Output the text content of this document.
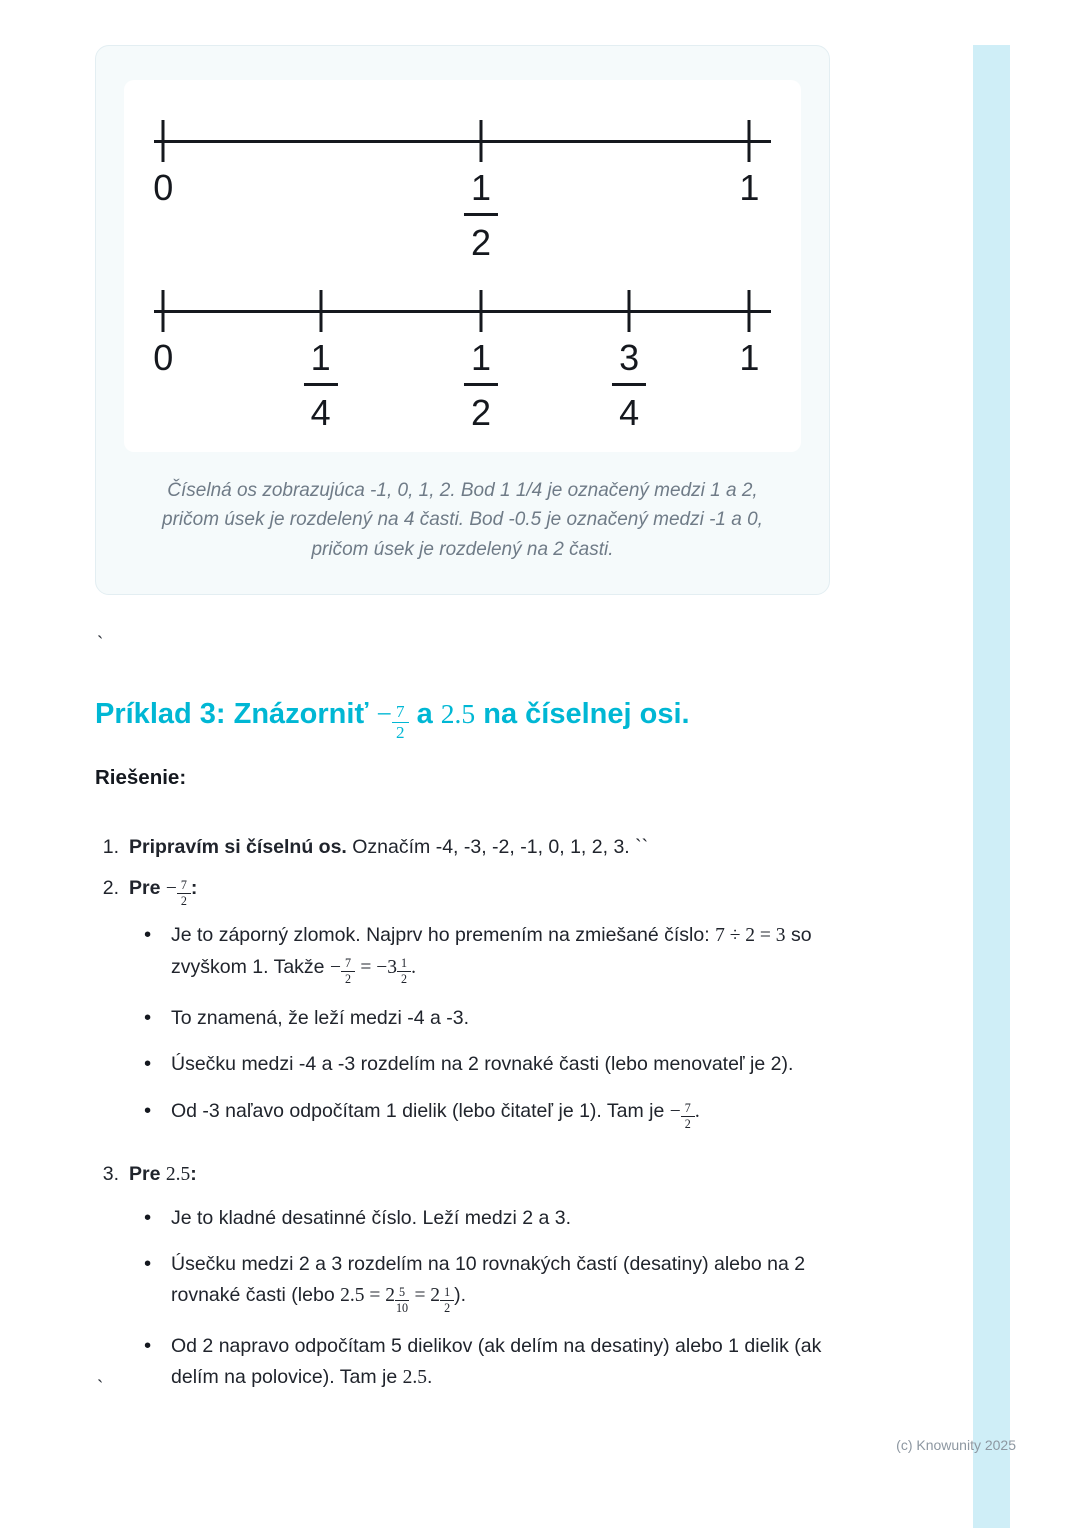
0	$\frac{1}{2}$	1
0	$\frac{1}{4}$	$\frac{1}{2}$	$\frac{3}{4}$	1

Číselná os zobrazujúca -1, 0, 1, 2. Bod 1 1/4 je označený medzi 1 a 2, pričom úsek je rozdelený na 4 časti. Bod -0.5 je označený medzi -1 a 0, pričom úsek je rozdelený na 2 časti.

`
Príklad 3: Znázorniť − $\frac{7}{2}$ a 2.5 na číselnej osi.

Riešenie:

1. Pripravím si číselnú os. Označím -4, -3, -2, -1, 0, 1, 2, 3. ``
2. Pre − $\frac{7}{2}$ :
• Je to záporný zlomok. Najprv ho premením na zmiešané číslo: 7 ÷ 2 = 3 so zvyškom 1. Takže − $\frac{7}{2} = -3 \frac{1}{2}$ .
• To znamená, že leží medzi -4 a -3.
• Úsečku medzi -4 a -3 rozdelím na 2 rovnaké časti (lebo menovateľ je 2).
• Od -3 naľavo odpočítam 1 dielik (lebo čitateľ je 1). Tam je − $\frac{7}{2}$ .
3. Pre 2.5:
• Je to kladné desatinné číslo. Leží medzi 2 a 3.
• Úsečku medzi 2 a 3 rozdelím na 10 rovnakých častí (desatiny) alebo na 2 rovnaké časti (lebo $2.5 = 2 \frac{5}{10} = 2 \frac{1}{2}$ ).
• Od 2 napravo odpočítam 5 dielikov (ak delím na desatiny) alebo 1 dielik (ak delím na polovice). Tam je 2.5.
`
(c) Knowunity 2025
